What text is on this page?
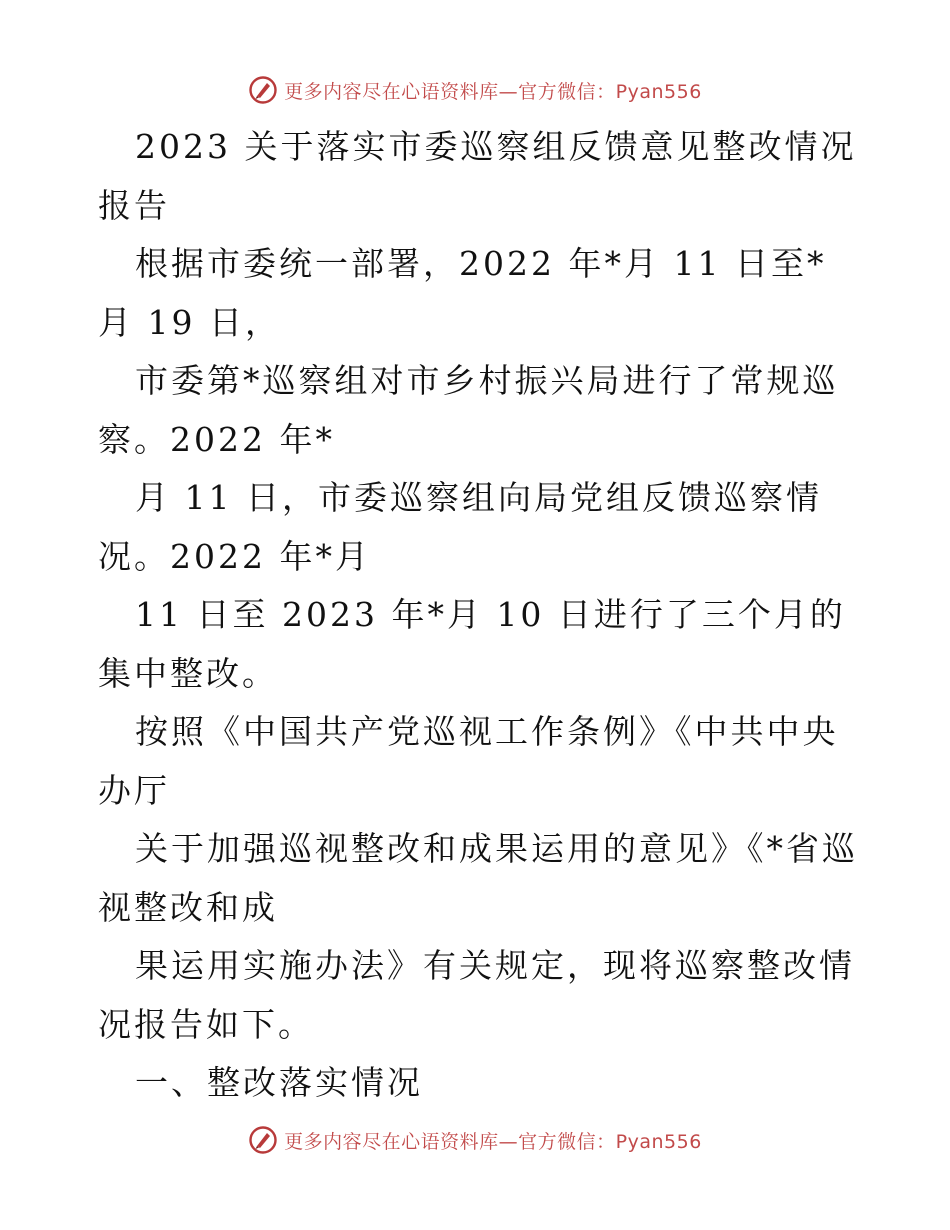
更多内容尽在心语资料库—官方微信：Pyan556

2023 关于落实市委巡察组反馈意见整改情况报告

根据市委统一部署，2022 年*月 11 日至*月 19 日，

市委第*巡察组对市乡村振兴局进行了常规巡察。2022 年*

月 11 日，市委巡察组向局党组反馈巡察情况。2022 年*月

11 日至 2023 年*月 10 日进行了三个月的集中整改。

按照《中国共产党巡视工作条例》《中共中央办厅

关于加强巡视整改和成果运用的意见》《*省巡视整改和成

果运用实施办法》有关规定，现将巡察整改情况报告如下。

一、整改落实情况

更多内容尽在心语资料库—官方微信：Pyan556
